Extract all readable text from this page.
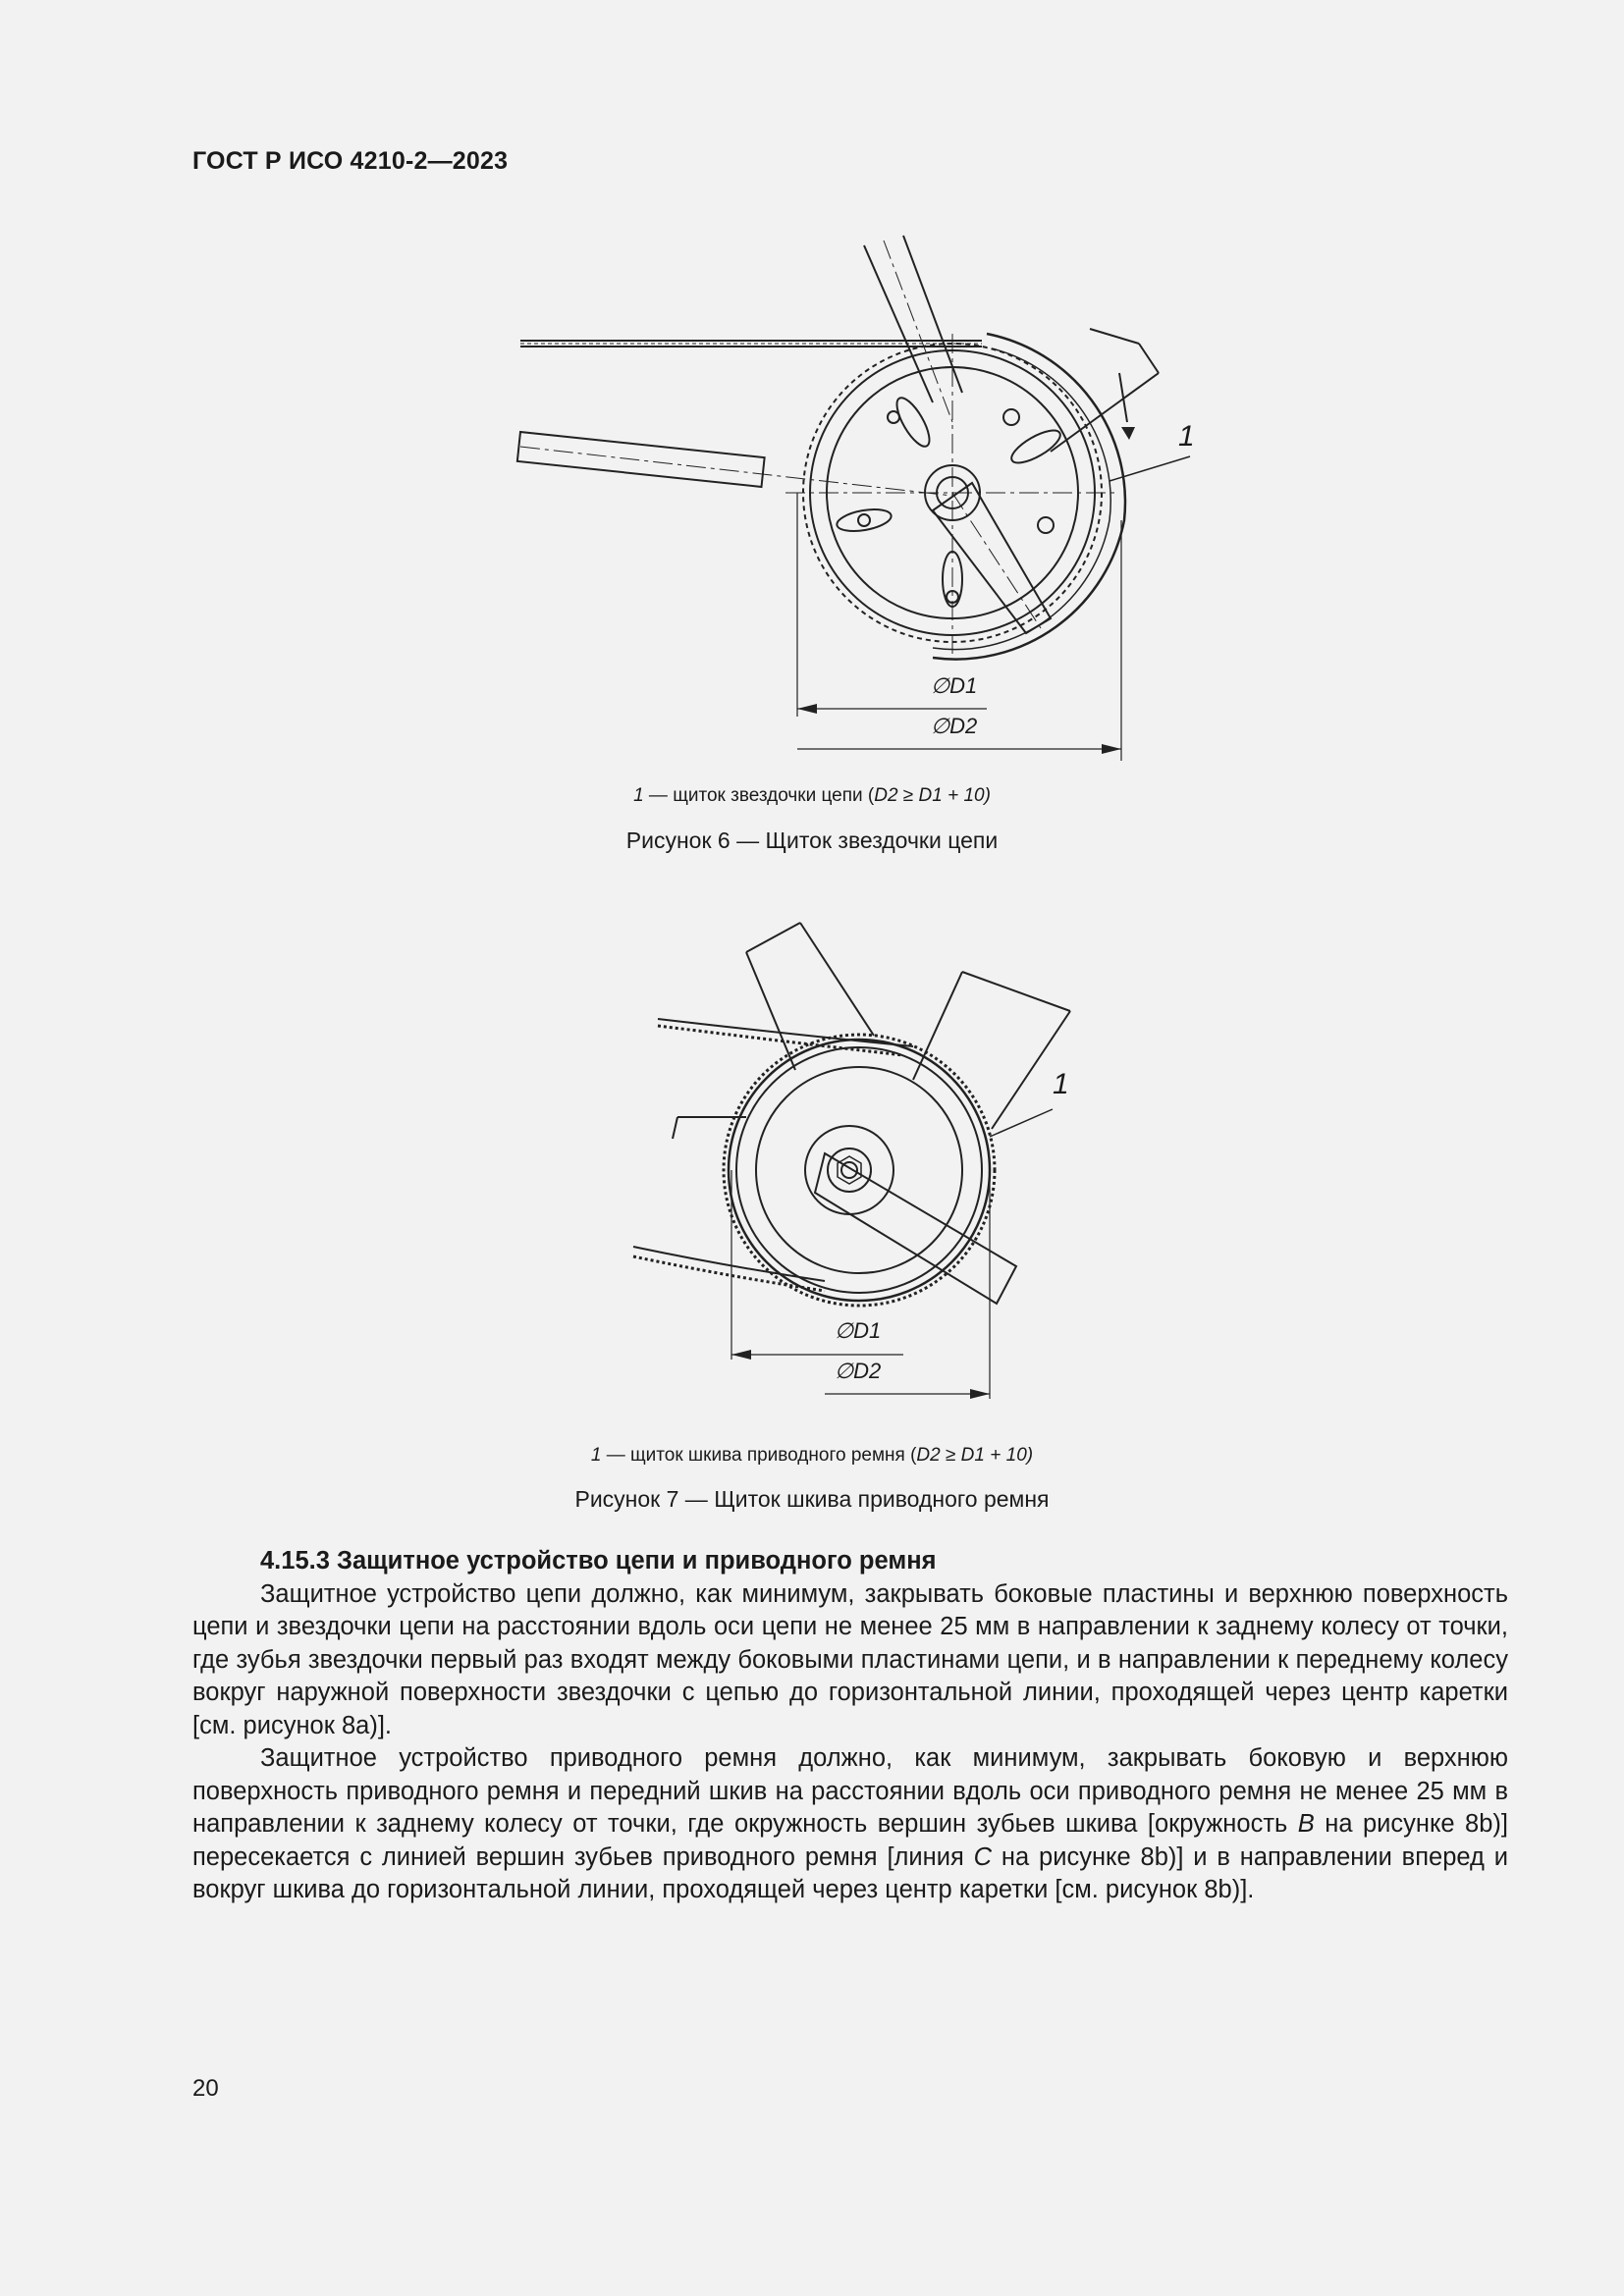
ГОСТ Р ИСО 4210-2—2023
1
∅D1
∅D2
1 — щиток звездочки цепи (D2 ≥ D1 + 10)
Рисунок 6 — Щиток звездочки цепи
1
∅D1
∅D2
1 — щиток шкива приводного ремня (D2 ≥ D1 + 10)
Рисунок 7 — Щиток шкива приводного ремня

4.15.3 Защитное устройство цепи и приводного ремня

Защитное устройство цепи должно, как минимум, закрывать боковые пластины и верхнюю поверхность цепи и звездочки цепи на расстоянии вдоль оси цепи не менее 25 мм в направлении к заднему колесу от точки, где зубья звездочки первый раз входят между боковыми пластинами цепи, и в направлении к переднему колесу вокруг наружной поверхности звездочки с цепью до горизонтальной линии, проходящей через центр каретки [см. рисунок 8a)].

Защитное устройство приводного ремня должно, как минимум, закрывать боковую и верхнюю поверхность приводного ремня и передний шкив на расстоянии вдоль оси приводного ремня не менее 25 мм в направлении к заднему колесу от точки, где окружность вершин зубьев шкива [окружность B на рисунке 8b)] пересекается с линией вершин зубьев приводного ремня [линия C на рисунке 8b)] и в направлении вперед и вокруг шкива до горизонтальной линии, проходящей через центр каретки [см. рисунок 8b)].

20
